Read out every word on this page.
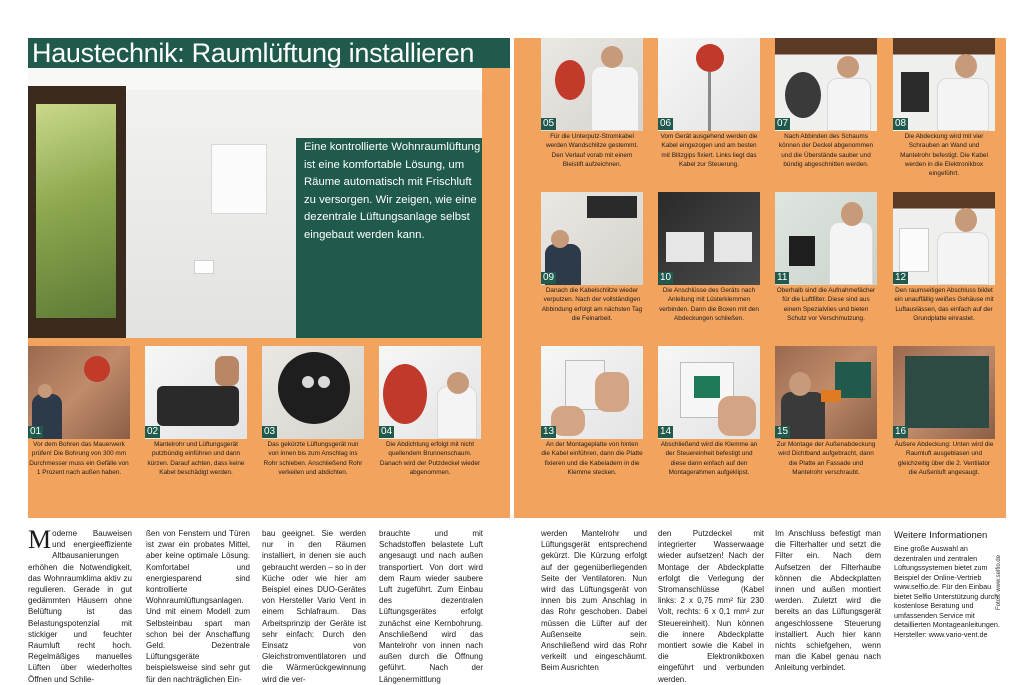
Haustechnik: Raumlüftung installieren
Eine kontrollierte Wohnraumlüftung ist eine komfortable Lösung, um Räume automatisch mit Frischluft zu versorgen. Wir zeigen, wie eine dezentrale Lüftungsanlage selbst eingebaut werden kann.
01
Vor dem Bohren das Mauerwerk prüfen! Die Bohrung von 300 mm Durchmesser muss ein Gefälle von 1 Prozent nach außen haben.
02
Mantelrohr und Lüftungsgerät putzbündig einführen und dann kürzen. Darauf achten, dass keine Kabel beschädigt werden.
03
Das gekürzte Lüftungsgerät nun von innen bis zum Anschlag ins Rohr schieben. Anschließend Rohr verkeilen und abdichten.
04
Die Abdichtung erfolgt mit nicht quellendem Brunnenschaum. Danach wird der Putzdeckel wieder abgenommen.
05
Für die Unterputz-Stromkabel werden Wandschlitze gestemmt. Den Verlauf vorab mit einem Bleistift aufzeichnen.
06
Vom Gerät ausgehend werden die Kabel eingezogen und am besten mit Blitzgips fixiert. Links liegt das Kabel zur Steuerung.
07
Nach Abbinden des Schaums können der Deckel abgenommen und die Überstände sauber und bündig abgeschnitten werden.
08
Die Abdeckung wird mit vier Schrauben an Wand und Mantelrohr befestigt. Die Kabel werden in die Elektronikbox eingeführt.
09
Danach die Kabelschlitze wieder verputzen. Nach der vollständigen Abbindung erfolgt am nächsten Tag die Feinarbeit.
10
Die Anschlüsse des Geräts nach Anleitung mit Lüsterklemmen verbinden. Dann die Boxen mit den Abdeckungen schließen.
11
Oberhalb sind die Aufnahmefächer für die Luftfilter. Diese sind aus einem Spezialvlies und bieten Schutz vor Verschmutzung.
12
Den raumseitigen Abschluss bildet ein unauffällig weißes Gehäuse mit Luftauslässen, das einfach auf der Grundplatte einrastet.
13
An der Montageplatte von hinten die Kabel einführen, dann die Platte fixieren und die Kabeladern in die Klemme stecken.
14
Abschließend wird die Klemme an der Steuereinheit befestigt und diese dann einfach auf den Montagerahmen aufgeklipst.
15
Zur Montage der Außenabdeckung wird Dichtband aufgebracht, dann die Platte an Fassade und Mantelrohr verschraubt.
16
Äußere Abdeckung: Unten wird die Raumluft ausgeblasen und gleichzeitig über die 2. Ventilator die Außenluft angesaugt.
Moderne Bauweisen und energieeffiziente Altbausanierungen erhöhen die Notwendigkeit, das Wohnraumklima aktiv zu regulieren. Gerade in gut gedämmten Häusern ohne Belüftung ist das Belastungspotenzial mit stickiger und feuchter Raumluft recht hoch. Regelmäßiges manuelles Lüften über wiederholtes Öffnen und Schlie-
ßen von Fenstern und Türen ist zwar ein probates Mittel, aber keine optimale Lösung. Komfortabel und energiesparend sind kontrollierte Wohnraumlüftungsanlagen. Und mit einem Modell zum Selbsteinbau spart man schon bei der Anschaffung Geld. Dezentrale Lüftungsgeräte beispielsweise sind sehr gut für den nachträglichen Ein-
bau geeignet. Sie werden nur in den Räumen installiert, in denen sie auch gebraucht werden – so in der Küche oder wie hier am Beispiel eines DUO-Gerätes von Hersteller Vario Vent in einem Schlafraum. Das Arbeitsprinzip der Geräte ist sehr einfach: Durch den Einsatz von Gleichstromventilatoren und die Wärmerückgewinnung wird die ver-
brauchte und mit Schadstoffen belastete Luft angesaugt und nach außen transportiert. Von dort wird dem Raum wieder saubere Luft zugeführt. Zum Einbau des dezentralen Lüftungsgerätes erfolgt zunächst eine Kernbohrung. Anschließend wird das Mantelrohr von innen nach außen durch die Öffnung geführt. Nach der Längenermittlung
werden Mantelrohr und Lüftungsgerät entsprechend gekürzt. Die Kürzung erfolgt auf der gegenüberliegenden Seite der Ventilatoren. Nun wird das Lüftungsgerät von innen bis zum Anschlag in das Rohr geschoben. Dabei müssen die Lüfter auf der Außenseite sein. Anschließend wird das Rohr verkeilt und eingeschäumt. Beim Ausrichten
den Putzdeckel mit integrierter Wasserwaage wieder aufsetzen! Nach der Montage der Abdeckplatte erfolgt die Verlegung der Stromanschlüsse (Kabel links: 2 x 0,75 mm² für 230 Volt, rechts: 6 x 0,1 mm² zur Steuereinheit). Nun können die innere Abdeckplatte montiert sowie die Kabel in die Elektronikboxen eingeführt und verbunden werden.
Im Anschluss befestigt man die Filterhalter und setzt die Filter ein. Nach dem Aufsetzen der Filterhaube können die Abdeckplatten innen und außen montiert werden. Zuletzt wird die bereits an das Lüftungsgerät angeschlossene Steuerung installiert. Auch hier kann nichts schiefgehen, wenn man die Kabel genau nach Anleitung verbindet.
Weitere Informationen
Eine große Auswahl an dezentralen und zentralen Lüftungssystemen bietet zum Beispiel der Online-Vertrieb www.selfio.de. Für den Einbau bietet Selfio Unterstützung durch kostenlose Beratung und umfassenden Service mit detaillierten Montageanleitungen. Hersteller: www.vario-vent.de
Fotos: www.selfio.de
